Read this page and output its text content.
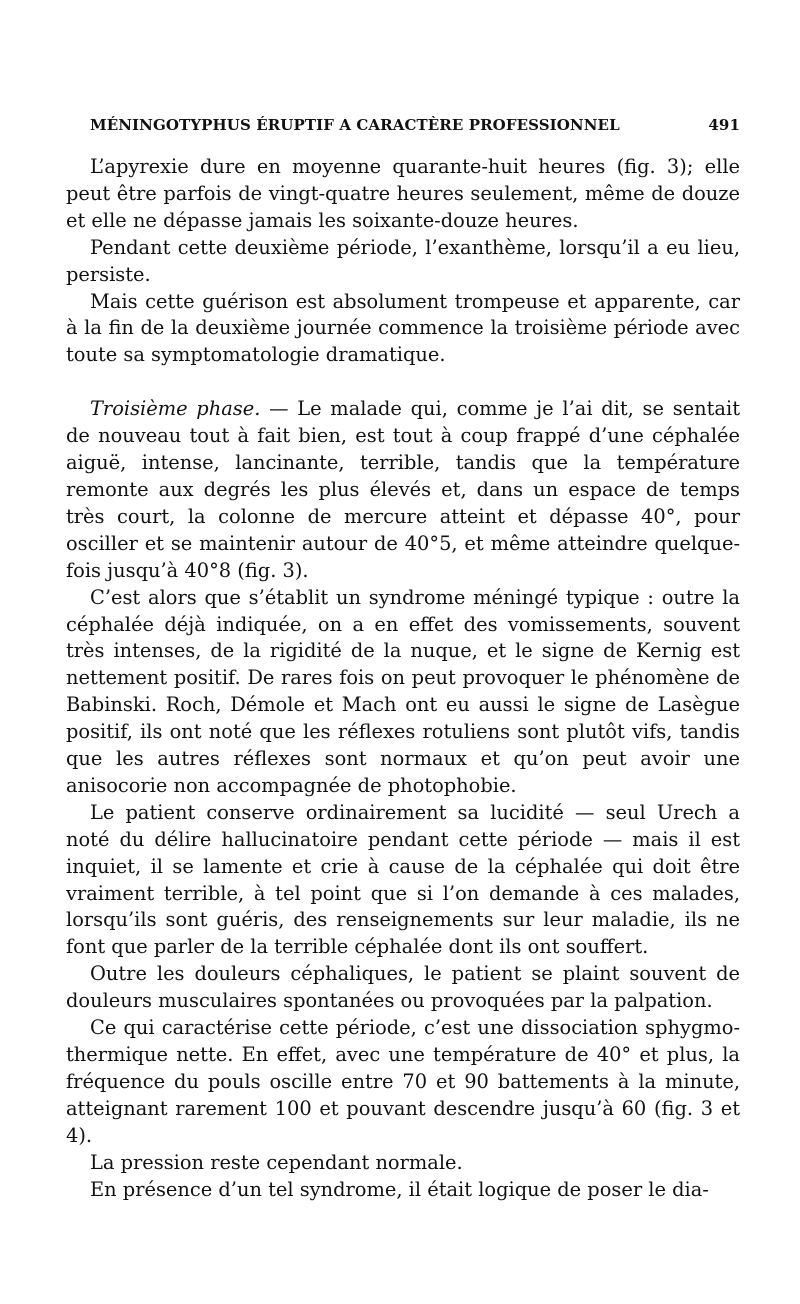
MÉNINGOTYPHUS ÉRUPTIF A CARACTÈRE PROFESSIONNEL	491

L’apyrexie dure en moyenne quarante-huit heures (fig. 3); elle peut être parfois de vingt-quatre heures seulement, même de douze et elle ne dépasse jamais les soixante-douze heures.

Pendant cette deuxième période, l’exanthème, lorsqu’il a eu lieu, persiste.

Mais cette guérison est absolument trompeuse et apparente, car à la fin de la deuxième journée commence la troisième période avec toute sa symptomatologie dramatique.

Troisième phase. — Le malade qui, comme je l’ai dit, se sentait de nouveau tout à fait bien, est tout à coup frappé d’une céphalée aiguë, intense, lancinante, terrible, tandis que la température remonte aux degrés les plus élevés et, dans un espace de temps très court, la colonne de mercure atteint et dépasse 40°, pour osciller et se maintenir autour de 40°5, et même atteindre quelquefois jusqu’à 40°8 (fig. 3).

C’est alors que s’établit un syndrome méningé typique : outre la céphalée déjà indiquée, on a en effet des vomissements, souvent très intenses, de la rigidité de la nuque, et le signe de Kernig est nettement positif. De rares fois on peut provoquer le phénomène de Babinski. Roch, Démole et Mach ont eu aussi le signe de Lasègue positif, ils ont noté que les réflexes rotuliens sont plutôt vifs, tandis que les autres réflexes sont normaux et qu’on peut avoir une anisocorie non accompagnée de photophobie.

Le patient conserve ordinairement sa lucidité — seul Urech a noté du délire hallucinatoire pendant cette période — mais il est inquiet, il se lamente et crie à cause de la céphalée qui doit être vraiment terrible, à tel point que si l’on demande à ces malades, lorsqu’ils sont guéris, des renseignements sur leur maladie, ils ne font que parler de la terrible céphalée dont ils ont souffert.

Outre les douleurs céphaliques, le patient se plaint souvent de douleurs musculaires spontanées ou provoquées par la palpation.

Ce qui caractérise cette période, c’est une dissociation sphygmothermique nette. En effet, avec une température de 40° et plus, la fréquence du pouls oscille entre 70 et 90 battements à la minute, atteignant rarement 100 et pouvant descendre jusqu’à 60 (fig. 3 et 4).

La pression reste cependant normale.

En présence d’un tel syndrome, il était logique de poser le dia-
